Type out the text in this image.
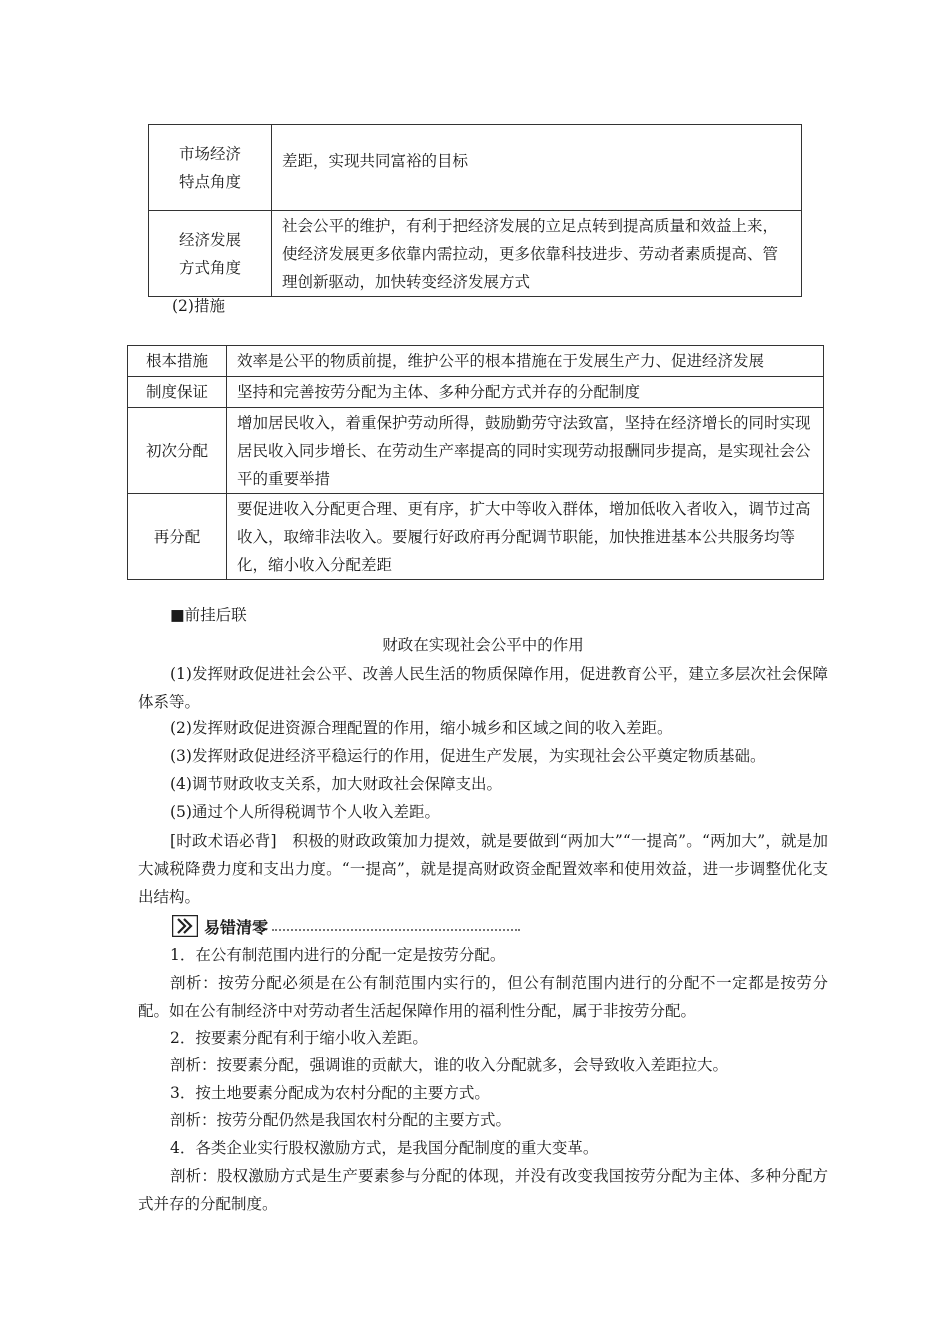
市场经济
特点角度	差距，实现共同富裕的目标

经济发展
方式角度	社会公平的维护，有利于把经济发展的立足点转到提高质量和效益上来，使经济发展更多依靠内需拉动，更多依靠科技进步、劳动者素质提高、管理创新驱动，加快转变经济发展方式
(2)措施
根本措施	效率是公平的物质前提，维护公平的根本措施在于发展生产力、促进经济发展
制度保证	坚持和完善按劳分配为主体、多种分配方式并存的分配制度
初次分配	增加居民收入，着重保护劳动所得，鼓励勤劳守法致富，坚持在经济增长的同时实现居民收入同步增长、在劳动生产率提高的同时实现劳动报酬同步提高，是实现社会公平的重要举措
再分配	要促进收入分配更合理、更有序，扩大中等收入群体，增加低收入者收入，调节过高收入，取缔非法收入。要履行好政府再分配调节职能，加快推进基本公共服务均等化，缩小收入分配差距
■前挂后联
财政在实现社会公平中的作用
(1)发挥财政促进社会公平、改善人民生活的物质保障作用，促进教育公平，建立多层次社会保障体系等。
(2)发挥财政促进资源合理配置的作用，缩小城乡和区域之间的收入差距。
(3)发挥财政促进经济平稳运行的作用，促进生产发展，为实现社会公平奠定物质基础。
(4)调节财政收支关系，加大财政社会保障支出。
(5)通过个人所得税调节个人收入差距。
[时政术语必背]　积极的财政政策加力提效，就是要做到“两加大”“一提高”。“两加大”，就是加大减税降费力度和支出力度。“一提高”，就是提高财政资金配置效率和使用效益，进一步调整优化支出结构。
易错清零
1．在公有制范围内进行的分配一定是按劳分配。
剖析：按劳分配必须是在公有制范围内实行的，但公有制范围内进行的分配不一定都是按劳分配。如在公有制经济中对劳动者生活起保障作用的福利性分配，属于非按劳分配。
2．按要素分配有利于缩小收入差距。
剖析：按要素分配，强调谁的贡献大，谁的收入分配就多，会导致收入差距拉大。
3．按土地要素分配成为农村分配的主要方式。
剖析：按劳分配仍然是我国农村分配的主要方式。
4．各类企业实行股权激励方式，是我国分配制度的重大变革。
剖析：股权激励方式是生产要素参与分配的体现，并没有改变我国按劳分配为主体、多种分配方式并存的分配制度。
